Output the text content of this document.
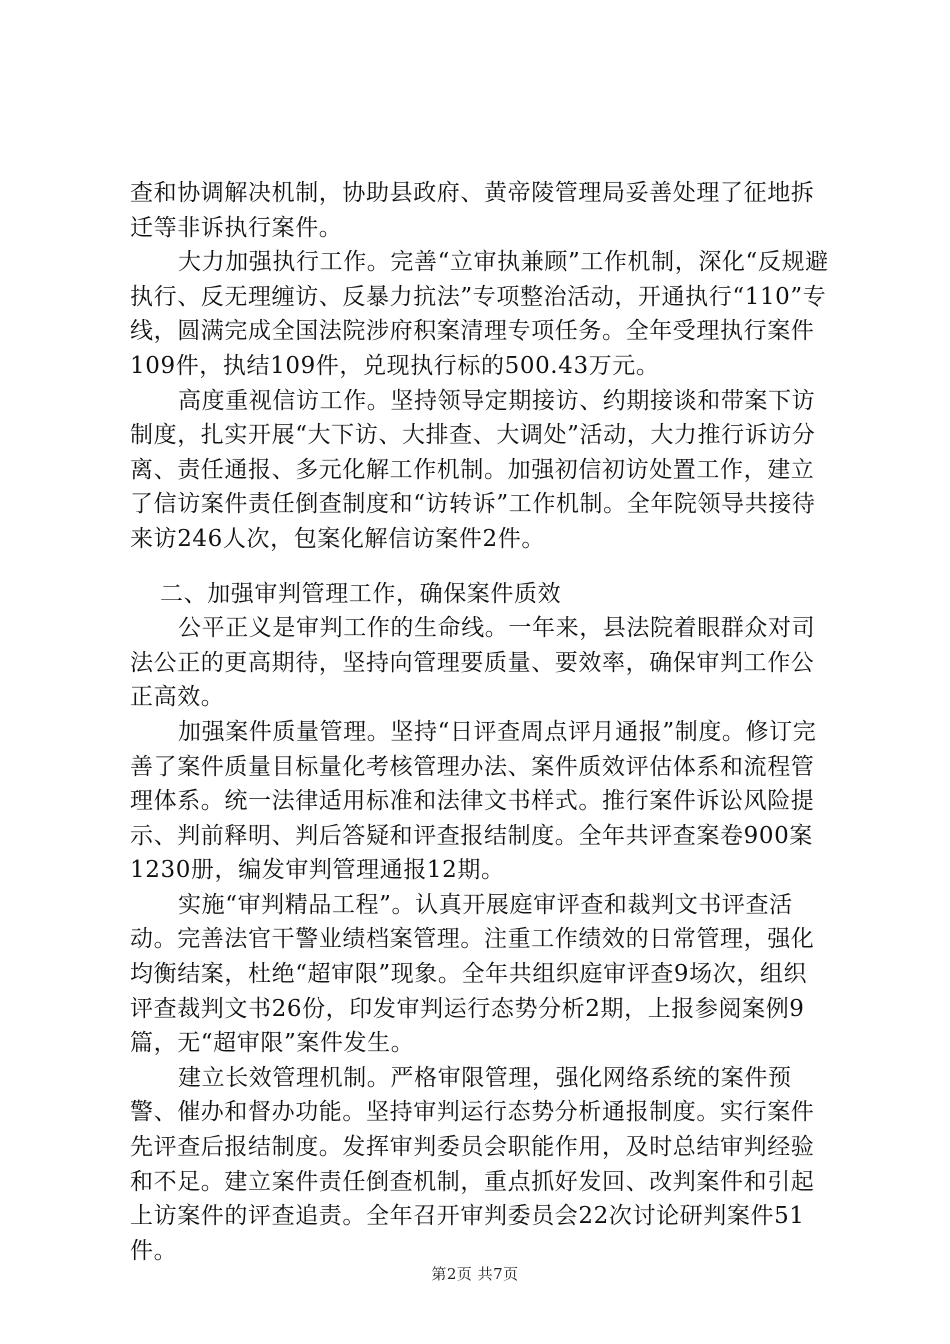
查和协调解决机制，协助县政府、黄帝陵管理局妥善处理了征地拆迁等非诉执行案件。

大力加强执行工作。完善“立审执兼顾”工作机制，深化“反规避执行、反无理缠访、反暴力抗法”专项整治活动，开通执行“110”专线，圆满完成全国法院涉府积案清理专项任务。全年受理执行案件109件，执结109件，兑现执行标的500.43万元。

高度重视信访工作。坚持领导定期接访、约期接谈和带案下访制度，扎实开展“大下访、大排查、大调处”活动，大力推行诉访分离、责任通报、多元化解工作机制。加强初信初访处置工作，建立了信访案件责任倒查制度和“访转诉”工作机制。全年院领导共接待来访246人次，包案化解信访案件2件。

二、加强审判管理工作，确保案件质效

公平正义是审判工作的生命线。一年来，县法院着眼群众对司法公正的更高期待，坚持向管理要质量、要效率，确保审判工作公正高效。

加强案件质量管理。坚持“日评查周点评月通报”制度。修订完善了案件质量目标量化考核管理办法、案件质效评估体系和流程管理体系。统一法律适用标准和法律文书样式。推行案件诉讼风险提示、判前释明、判后答疑和评查报结制度。全年共评查案卷900案1230册，编发审判管理通报12期。

实施“审判精品工程”。认真开展庭审评查和裁判文书评查活动。完善法官干警业绩档案管理。注重工作绩效的日常管理，强化均衡结案，杜绝“超审限”现象。全年共组织庭审评查9场次，组织评查裁判文书26份，印发审判运行态势分析2期，上报参阅案例9篇，无“超审限”案件发生。

建立长效管理机制。严格审限管理，强化网络系统的案件预警、催办和督办功能。坚持审判运行态势分析通报制度。实行案件先评查后报结制度。发挥审判委员会职能作用，及时总结审判经验和不足。建立案件责任倒查机制，重点抓好发回、改判案件和引起上访案件的评查追责。全年召开审判委员会22次讨论研判案件51件。

第2页 共7页
